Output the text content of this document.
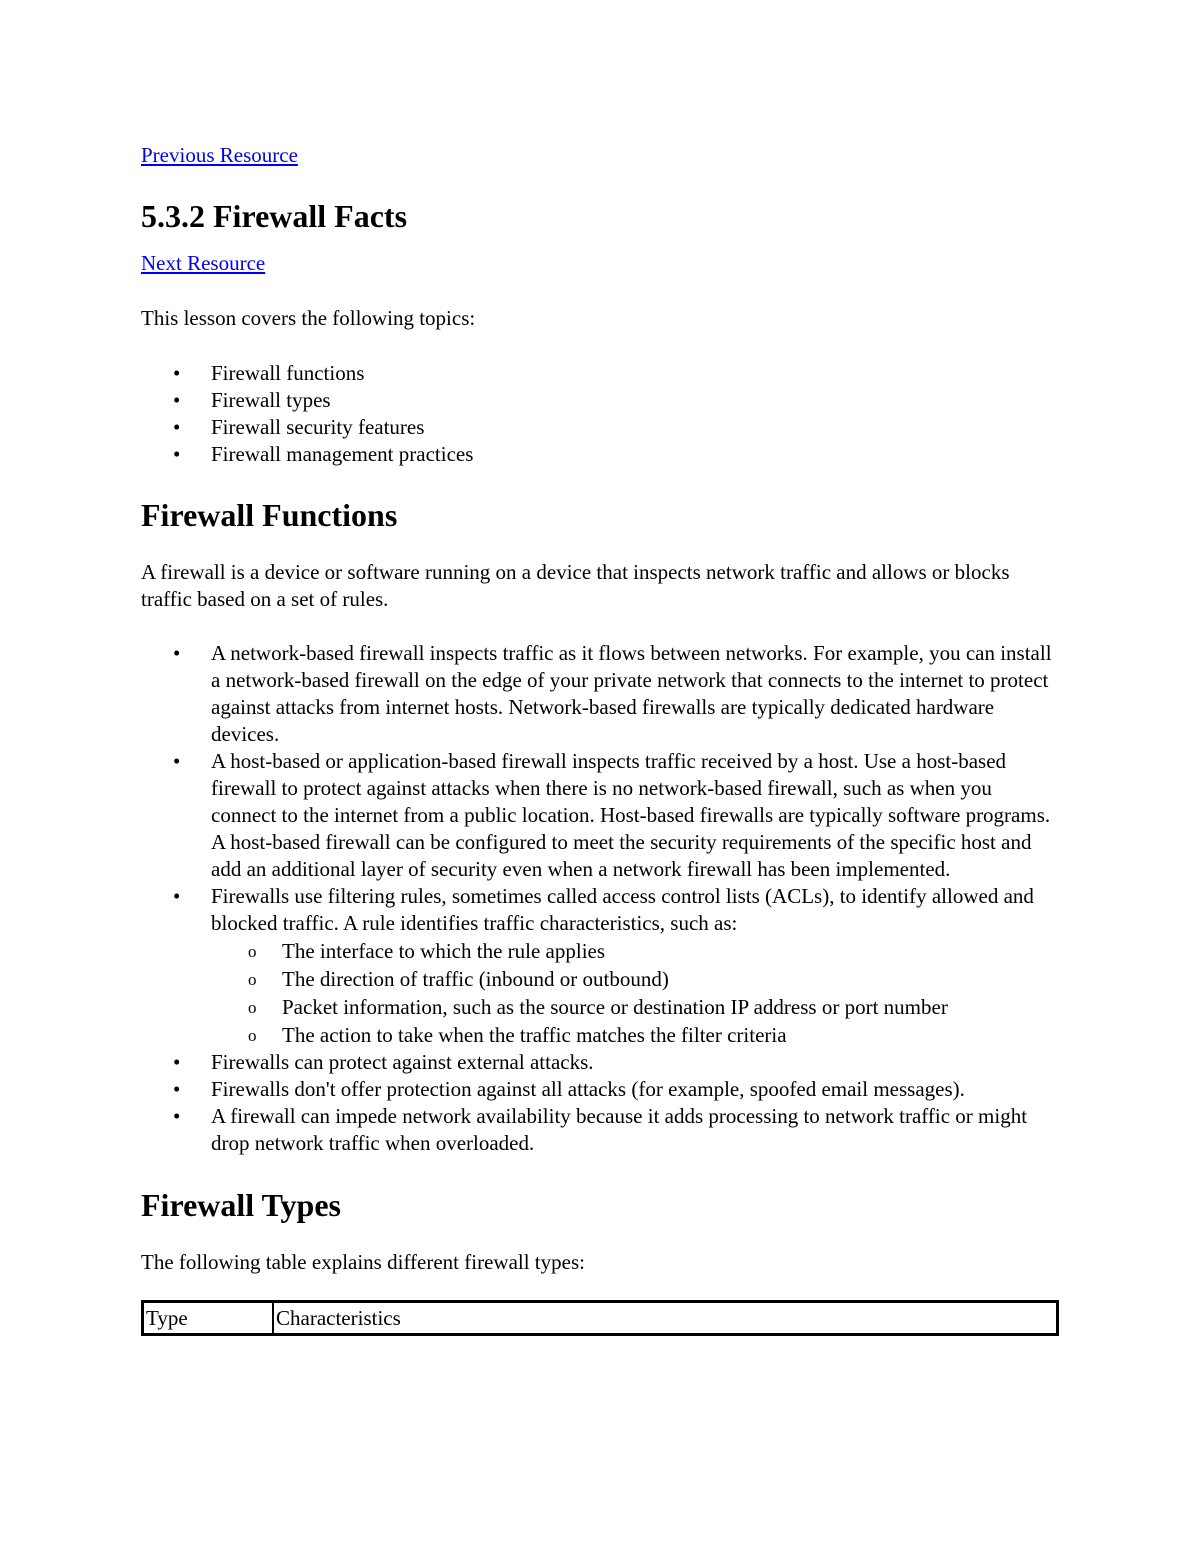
Previous Resource
5.3.2 Firewall Facts
Next Resource

This lesson covers the following topics:

• Firewall functions
• Firewall types
• Firewall security features
• Firewall management practices
Firewall Functions

A firewall is a device or software running on a device that inspects network traffic and allows or blocks traffic based on a set of rules.

• A network-based firewall inspects traffic as it flows between networks. For example, you can install a network-based firewall on the edge of your private network that connects to the internet to protect against attacks from internet hosts. Network-based firewalls are typically dedicated hardware devices.
• A host-based or application-based firewall inspects traffic received by a host. Use a host-based firewall to protect against attacks when there is no network-based firewall, such as when you connect to the internet from a public location. Host-based firewalls are typically software programs. A host-based firewall can be configured to meet the security requirements of the specific host and add an additional layer of security even when a network firewall has been implemented.
• Firewalls use filtering rules, sometimes called access control lists (ACLs), to identify allowed and blocked traffic. A rule identifies traffic characteristics, such as:
o The interface to which the rule applies
o The direction of traffic (inbound or outbound)
o Packet information, such as the source or destination IP address or port number
o The action to take when the traffic matches the filter criteria
• Firewalls can protect against external attacks.
• Firewalls don't offer protection against all attacks (for example, spoofed email messages).
• A firewall can impede network availability because it adds processing to network traffic or might drop network traffic when overloaded.
Firewall Types

The following table explains different firewall types:

Type	Characteristics
